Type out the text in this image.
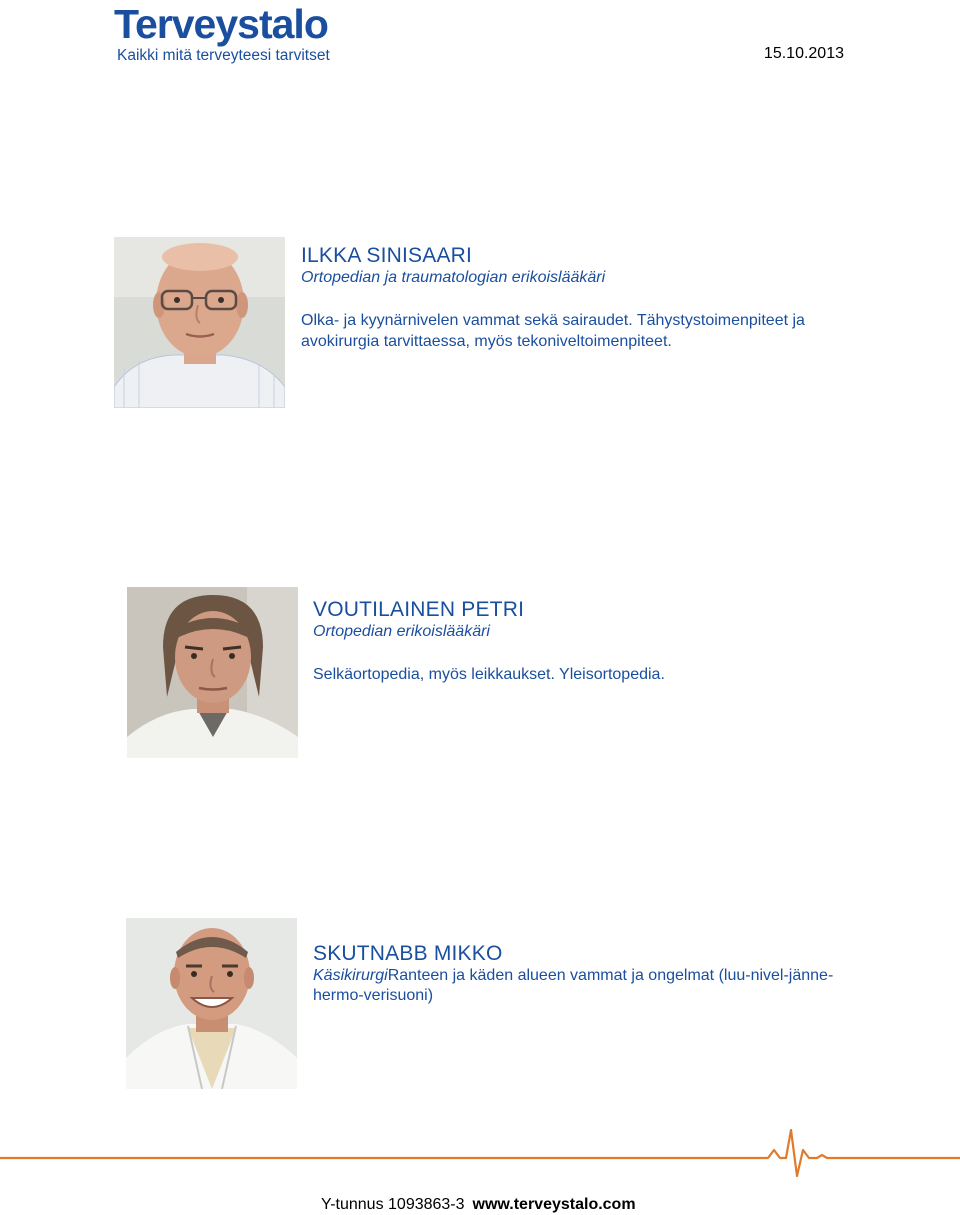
Terveystalo
Kaikki mitä terveyteesi tarvitset	15.10.2013
ILKKA SINISAARI
Ortopedian ja traumatologian erikoislääkäri
Olka- ja kyynärnivelen vammat sekä sairaudet. Tähystystoimenpiteet ja avokirurgia tarvittaessa, myös tekoniveltoimenpiteet.
VOUTILAINEN PETRI
Ortopedian erikoislääkäri
Selkäortopedia, myös leikkaukset. Yleisortopedia.
SKUTNABB MIKKO
KäsikirurgiRanteen ja käden alueen vammat ja ongelmat (luu-nivel-jänne-hermo-verisuoni)
Y-tunnus 1093863-3 www.terveystalo.com
